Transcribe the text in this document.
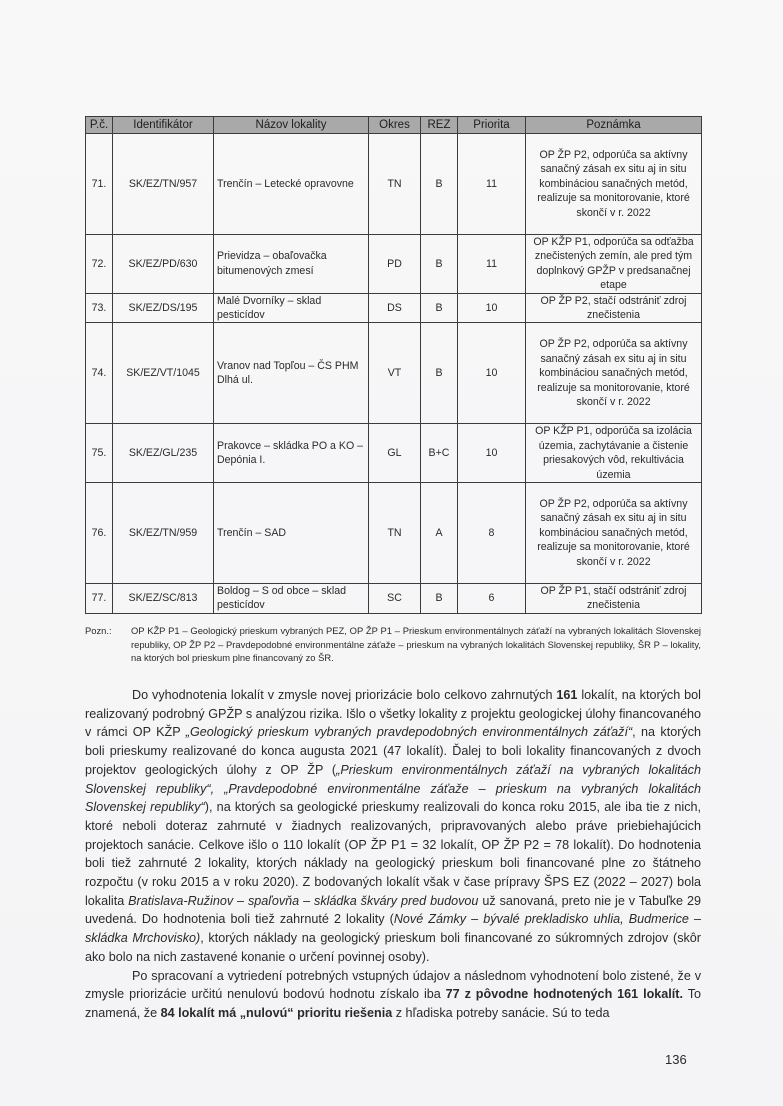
P.č.	Identifikátor	Názov lokality	Okres	REZ	Priorita	Poznámka
71.	SK/EZ/TN/957	Trenčín – Letecké opravovne	TN	B	11	OP ŽP P2, odporúča sa aktívny sanačný zásah ex situ aj in situ kombináciou sanačných metód, realizuje sa monitorovanie, ktoré skončí v r. 2022
72.	SK/EZ/PD/630	Prievidza – obaľovačka bitumenových zmesí	PD	B	11	OP KŽP P1, odporúča sa odťažba znečistených zemín, ale pred tým doplnkový GPŽP v predsanačnej etape
73.	SK/EZ/DS/195	Malé Dvorníky – sklad pesticídov	DS	B	10	OP ŽP P2, stačí odstrániť zdroj znečistenia
74.	SK/EZ/VT/1045	Vranov nad Topľou – ČS PHM Dlhá ul.	VT	B	10	OP ŽP P2, odporúča sa aktívny sanačný zásah ex situ aj in situ kombináciou sanačných metód, realizuje sa monitorovanie, ktoré skončí v r. 2022
75.	SK/EZ/GL/235	Prakovce – skládka PO a KO – Depónia I.	GL	B+C	10	OP KŽP P1, odporúča sa izolácia územia, zachytávanie a čistenie priesakových vôd, rekultivácia územia
76.	SK/EZ/TN/959	Trenčín – SAD	TN	A	8	OP ŽP P2, odporúča sa aktívny sanačný zásah ex situ aj in situ kombináciou sanačných metód, realizuje sa monitorovanie, ktoré skončí v r. 2022
77.	SK/EZ/SC/813	Boldog – S od obce – sklad pesticídov	SC	B	6	OP ŽP P1, stačí odstrániť zdroj znečistenia
Pozn.:	OP KŽP P1 – Geologický prieskum vybraných PEZ, OP ŽP P1 – Prieskum environmentálnych záťaží na vybraných lokalitách Slovenskej republiky, OP ŽP P2 – Pravdepodobné environmentálne záťaže – prieskum na vybraných lokalitách Slovenskej republiky, ŠR P – lokality, na ktorých bol prieskum plne financovaný zo ŠR.

Do vyhodnotenia lokalít v zmysle novej priorizácie bolo celkovo zahrnutých 161 lokalít, na ktorých bol realizovaný podrobný GPŽP s analýzou rizika. Išlo o všetky lokality z projektu geologickej úlohy financovaného v rámci OP KŽP „Geologický prieskum vybraných pravdepodobných environmentálnych záťaží“, na ktorých boli prieskumy realizované do konca augusta 2021 (47 lokalít). Ďalej to boli lokality financovaných z dvoch projektov geologických úlohy z OP ŽP („Prieskum environmentálnych záťaží na vybraných lokalitách Slovenskej republiky“, „Pravdepodobné environmentálne záťaže – prieskum na vybraných lokalitách Slovenskej republiky“), na ktorých sa geologické prieskumy realizovali do konca roku 2015, ale iba tie z nich, ktoré neboli doteraz zahrnuté v žiadnych realizovaných, pripravovaných alebo práve priebiehajúcich projektoch sanácie. Celkove išlo o 110 lokalít (OP ŽP P1 = 32 lokalít, OP ŽP P2 = 78 lokalít). Do hodnotenia boli tiež zahrnuté 2 lokality, ktorých náklady na geologický prieskum boli financované plne zo štátneho rozpočtu (v roku 2015 a v roku 2020). Z bodovaných lokalít však v čase prípravy ŠPS EZ (2022 – 2027) bola lokalita Bratislava-Ružinov – spaľovňa – skládka škváry pred budovou už sanovaná, preto nie je v Tabuľke 29 uvedená. Do hodnotenia boli tiež zahrnuté 2 lokality (Nové Zámky – bývalé prekladisko uhlia, Budmerice – skládka Mrchovisko), ktorých náklady na geologický prieskum boli financované zo súkromných zdrojov (skôr ako bolo na nich zastavené konanie o určení povinnej osoby).

Po spracovaní a vytriedení potrebných vstupných údajov a následnom vyhodnotení bolo zistené, že v zmysle priorizácie určitú nenulovú bodovú hodnotu získalo iba 77 z pôvodne hodnotených 161 lokalít. To znamená, že 84 lokalít má „nulovú“ prioritu riešenia z hľadiska potreby sanácie. Sú to teda

136
